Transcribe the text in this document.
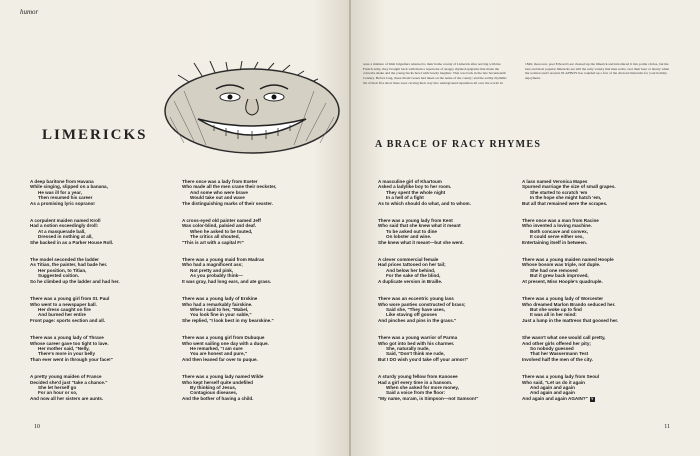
humor
LIMERICKS
A deep baritone from Havana
While singing, slipped on a banana,
He was ill for a year,
Then resumed his career
As a promising lyric soprano!
A corpulent maiden named Kroll
Had a notion exceedingly droll:
At a masquerade ball,
Dressed in nothing at all,
She backed in as a Parker House Roll.
The model seconded the ladder
As Titian, the painter, had bade her.
Her position, to Titian,
Suggested coition.
So he climbed up the ladder and had her.
There was a young girl from St. Paul
Who went to a newspaper ball.
Her dress caught on fire
And burned her entire
Front page: sports section and all.
There was a young lady of Thrave
Whose career gave too tight to lave.
Her mother said, "Nelly,
There's more in your belly
Than ever went in through your face!"
A pretty young maiden of France
Decided she'd just "take a chance."
She let herself go
For an hour or so,
And now all her sisters are aunts.
There once was a lady from Exeter
Who made all the men crane their neckster,
And some who were brave
Would take out and wave
The distinguishing marks of their sexster.
A cross-eyed old painter named Jeff
Was color-blind, palsied and deaf.
When he asked to be touted,
The critics all shouted,
"This is art with a capital F!"
There was a young maid from Madras
Who had a magnificent ass;
Not pretty and pink,
As you probably think—
It was gray, had long ears, and ate grass.
There was a young lady of Erskine
Who had a remarkably fairskine.
When I said to her, "Mabel,
You look fine in your sable,"
She replied, "I look best in my bearskine."
There was a young girl from Dubuque
Who went sailing one day with a duque.
He remarked, "I am sure
You are honest and pure,"
And then leaned far over to puque.
There was a young lady named Wilde
Who kept herself quite undefiled
By thinking of Jesus,
Contagious diseases,
And the bother of having a child.
10
were a mixture of Irish brigadiers returned to their home county of Limerick after serving with the French army, they brought back with them a repertoire of snappy rhymed epigrams that made the cobwebs shake and the young bucks howl with bawdy laughter. That was back in the late Seventeenth Century. Before long, these ribald verses had taken on the name of the county; and the earthy rhythmic lilt of their five short lines were carving their way into underground reputation all over the world. In 1846, moreover, poet Edward Lear cleaned up the limerick and introduced it into polite circles, but the best and most popular limericks are still the salty variety that men recite over their beer or hearty when the women aren't around. PLAYBOY has rounded up a few of the choicest limericks for your holiday enjoyment.
A BRACE OF RACY RHYMES
A masculine girl of Khartoum
Asked a ladylike boy to her room.
They spent the whole night
In a hell of a fight
As to which should do what, and to whom.
There was a young lady from Kent
Who said that she knew what it meant
To be asked out to dine
On lobster and wine.
She knew what it meant—but she went.
A clever commercial female
Had prices tattooed on her tail;
And below her behind,
For the sake of the blind,
A duplicate version in Braille.
There was an eccentric young lass
Who wore panties constructed of brass;
Said she, "They have uses,
Like staving off gooses
And pinches and pins in the grass."
There was a young warrior of Parma
Who got into bed with his charmer.
She, naturally nude,
Said, "Don't think me rude,
But I DO wish you'd take off your armor!"
A sturdy young fellow from Kanosee
Had a girl every time in a hansom.
When she asked for more money,
Said a voice from the floor:
"My name, ma'am, is Simpson—not Samson!"
A lass named Veronica Mapes
Spurned marriage the size of small grapes.
She started to scratch 'em
In the hope she might hatch 'em,
But all that remained were the scrapes.
There once was a man from Racine
Who invented a loving machine.
Both concave and convex,
It could serve either sex,
Entertaining itself in between.
There was a young maiden named Hoople
Whose bosom was triple, not duple.
She had one removed
But it grew back improved,
At present, Miss Hoople's quadruple.
There was a young lady of Worcester
Who dreamed Marlon Brando seduced her.
But she woke up to find
It was all in her mind:
Just a lump in the mattress that goosed her.
She wasn't what one would call pretty,
And other girls offered her pity;
So nobody guessed
That her Wassermann Test
Involved half the men of the city.
There was a young lady from Seoul
Who said, "Let us do it again
And again and again
And again and again
And again and again AGAIN?" Y
11
